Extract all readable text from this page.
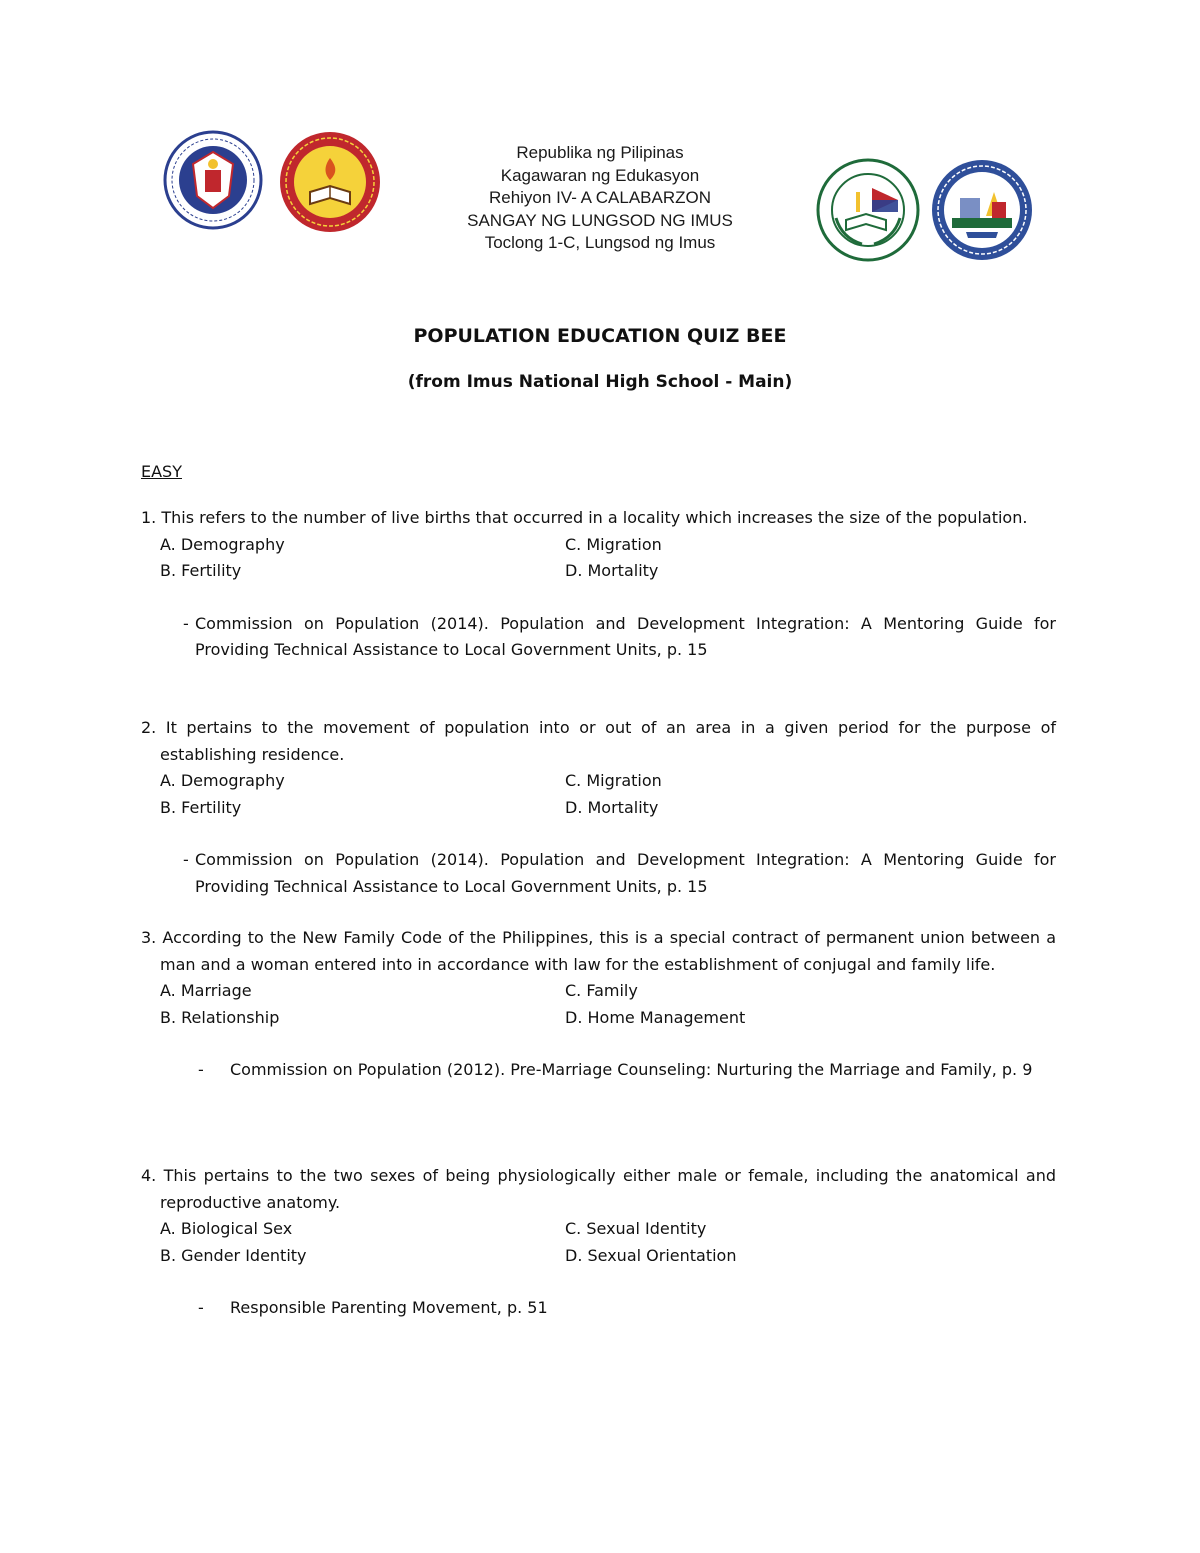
Republika ng Pilipinas
Kagawaran ng Edukasyon
Rehiyon IV- A CALABARZON
SANGAY NG LUNGSOD NG IMUS
Toclong 1-C, Lungsod ng Imus
POPULATION EDUCATION QUIZ BEE
(from Imus National High School - Main)
EASY

1. This refers to the number of live births that occurred in a locality which increases the size of the population.

A. Demography	C. Migration
B. Fertility	D. Mortality
- Commission on Population (2014). Population and Development Integration: A Mentoring Guide for Providing Technical Assistance to Local Government Units, p. 15

2. It pertains to the movement of population into or out of an area in a given period for the purpose of establishing residence.

A. Demography	C. Migration
B. Fertility	D. Mortality
- Commission on Population (2014). Population and Development Integration: A Mentoring Guide for Providing Technical Assistance to Local Government Units, p. 15

3. According to the New Family Code of the Philippines, this is a special contract of permanent union between a man and a woman entered into in accordance with law for the establishment of conjugal and family life.

A. Marriage	C. Family
B. Relationship	D. Home Management
-	Commission on Population (2012). Pre-Marriage Counseling: Nurturing the Marriage and Family, p. 9

4. This pertains to the two sexes of being physiologically either male or female, including the anatomical and reproductive anatomy.

A. Biological Sex	C. Sexual Identity
B. Gender Identity	D. Sexual Orientation
-	Responsible Parenting Movement, p. 51
